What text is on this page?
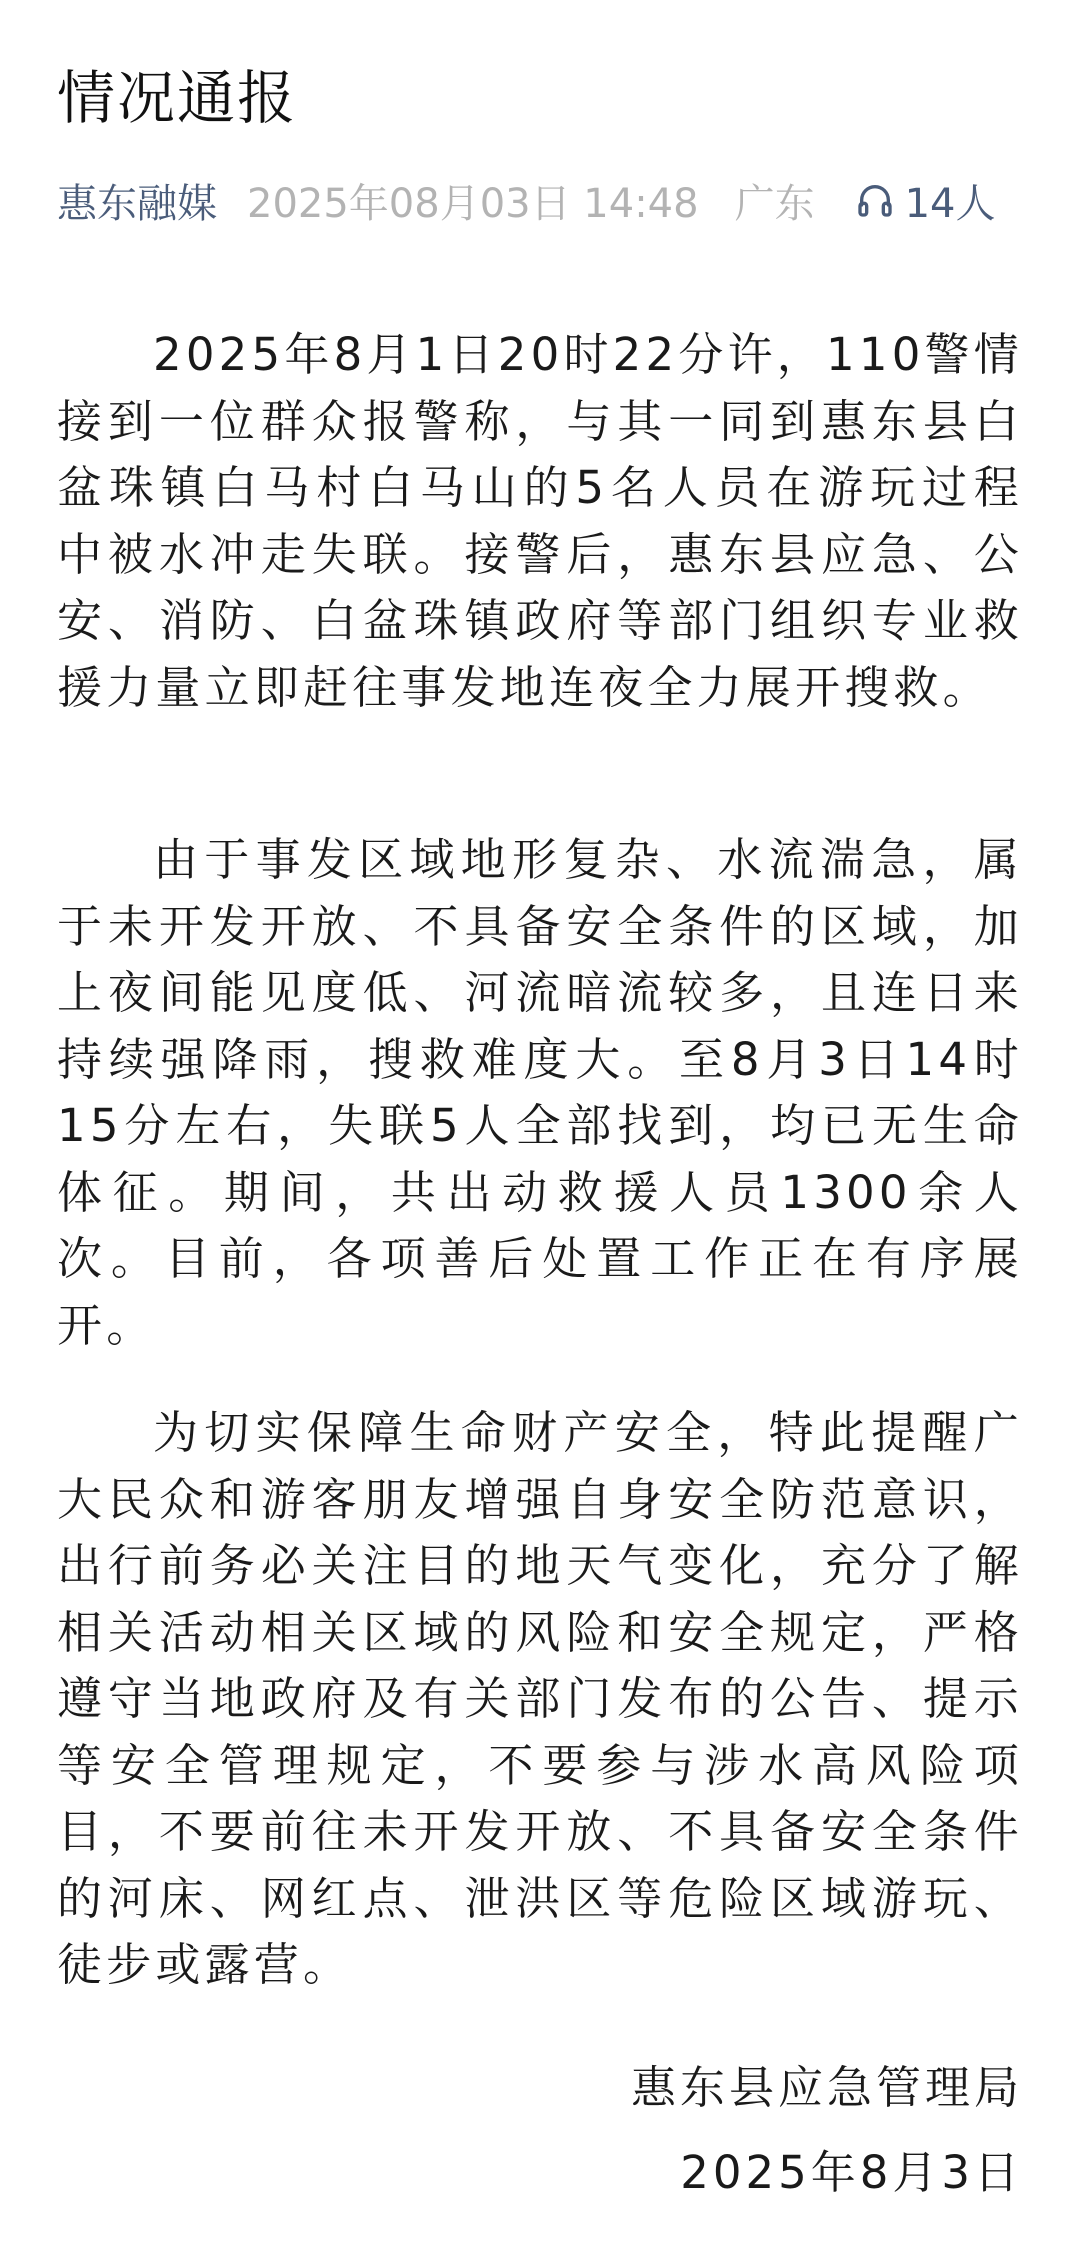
情况通报
惠东融媒 2025年08月03日 14:48 广东 14人

2025年8月1日20时22分许，110警情接到一位群众报警称，与其一同到惠东县白盆珠镇白马村白马山的5名人员在游玩过程中被水冲走失联。接警后，惠东县应急、公安、消防、白盆珠镇政府等部门组织专业救援力量立即赶往事发地连夜全力展开搜救。

由于事发区域地形复杂、水流湍急，属于未开发开放、不具备安全条件的区域，加上夜间能见度低、河流暗流较多，且连日来持续强降雨，搜救难度大。至8月3日14时15分左右，失联5人全部找到，均已无生命体征。期间，共出动救援人员1300余人次。目前，各项善后处置工作正在有序展开。

为切实保障生命财产安全，特此提醒广大民众和游客朋友增强自身安全防范意识，出行前务必关注目的地天气变化，充分了解相关活动相关区域的风险和安全规定，严格遵守当地政府及有关部门发布的公告、提示等安全管理规定，不要参与涉水高风险项目，不要前往未开发开放、不具备安全条件的河床、网红点、泄洪区等危险区域游玩、徒步或露营。

惠东县应急管理局
2025年8月3日
